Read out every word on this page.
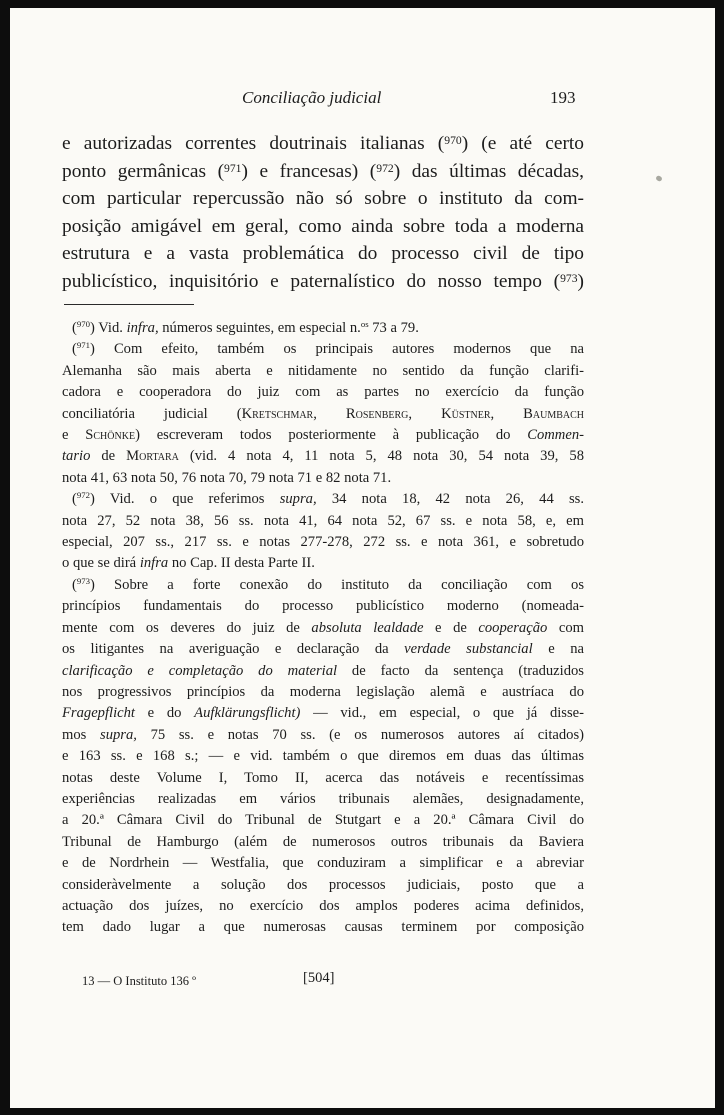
Conciliação judicial	193
e autorizadas correntes doutrinais italianas ($^{970}$) (e até certo
ponto germânicas ($^{971}$) e francesas) ($^{972}$) das últimas décadas,
com particular repercussão não só sobre o instituto da com-
posição amigável em geral, como ainda sobre toda a moderna
estrutura e a vasta problemática do processo civil de tipo
publicístico, inquisitório e paternalístico do nosso tempo ($^{973}$)
($^{970}$) Vid. infra, números seguintes, em especial n.$^{os}$ 73 a 79.
($^{971}$) Com efeito, também os principais autores modernos que na
Alemanha são mais aberta e nitidamente no sentido da função clarifi-
cadora e cooperadora do juiz com as partes no exercício da função
conciliatória judicial (Kretschmar, Rosenberg, Küstner, Baumbach
e Schönke) escreveram todos posteriormente à publicação do Commen-
tario de Mortara (vid. 4 nota 4, 11 nota 5, 48 nota 30, 54 nota 39, 58
nota 41, 63 nota 50, 76 nota 70, 79 nota 71 e 82 nota 71.
($^{972}$) Vid. o que referimos supra, 34 nota 18, 42 nota 26, 44 ss.
nota 27, 52 nota 38, 56 ss. nota 41, 64 nota 52, 67 ss. e nota 58, e, em
especial, 207 ss., 217 ss. e notas 277-278, 272 ss. e nota 361, e sobretudo
o que se dirá infra no Cap. II desta Parte II.
($^{973}$) Sobre a forte conexão do instituto da conciliação com os
princípios fundamentais do processo publicístico moderno (nomeada-
mente com os deveres do juiz de absoluta lealdade e de cooperação com
os litigantes na averiguação e declaração da verdade substancial e na
clarificação e completação do material de facto da sentença (traduzidos
nos progressivos princípios da moderna legislação alemã e austríaca do
Fragepflicht e do Aufklärungsflicht) — vid., em especial, o que já disse-
mos supra, 75 ss. e notas 70 ss. (e os numerosos autores aí citados)
e 163 ss. e 168 s.; — e vid. também o que diremos em duas das últimas
notas deste Volume I, Tomo II, acerca das notáveis e recentíssimas
experiências realizadas em vários tribunais alemães, designadamente,
a 20.ª Câmara Civil do Tribunal de Stutgart e a 20.ª Câmara Civil do
Tribunal de Hamburgo (além de numerosos outros tribunais da Baviera
e de Nordrhein — Westfalia, que conduziram a simplificar e a abreviar
consideràvelmente a solução dos processos judiciais, posto que a
actuação dos juízes, no exercício dos amplos poderes acima definidos,
tem dado lugar a que numerosas causas terminem por composição
13 — O Instituto 136 º	[504]
